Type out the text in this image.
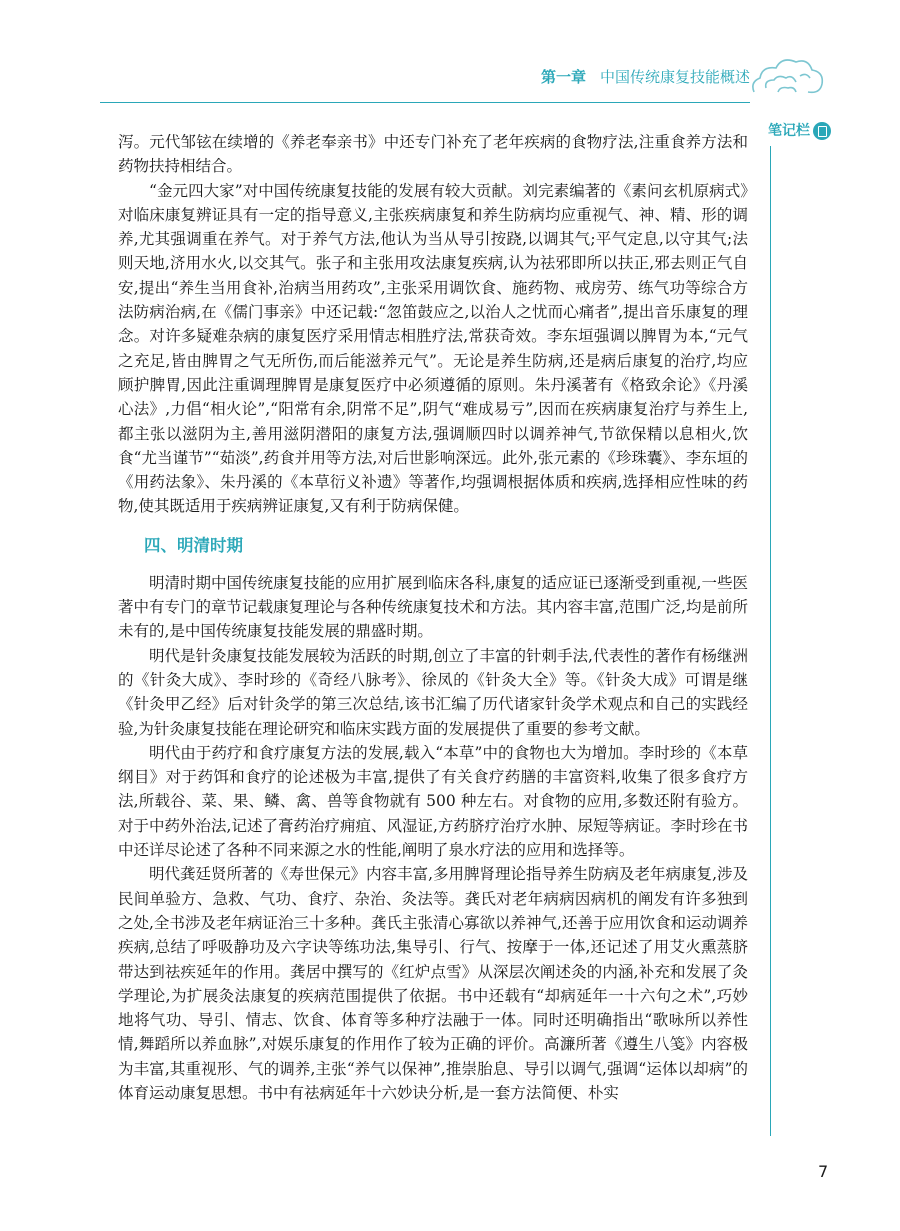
第一章 中国传统康复技能概述
笔记栏

泻。元代邹铉在续增的《养老奉亲书》中还专门补充了老年疾病的食物疗法,注重食养方法和药物扶持相结合。

“金元四大家”对中国传统康复技能的发展有较大贡献。刘完素编著的《素问玄机原病式》对临床康复辨证具有一定的指导意义,主张疾病康复和养生防病均应重视气、神、精、形的调养,尤其强调重在养气。对于养气方法,他认为当从导引按跷,以调其气;平气定息,以守其气;法则天地,济用水火,以交其气。张子和主张用攻法康复疾病,认为祛邪即所以扶正,邪去则正气自安,提出“养生当用食补,治病当用药攻”,主张采用调饮食、施药物、戒房劳、练气功等综合方法防病治病,在《儒门事亲》中还记载:“忽笛鼓应之,以治人之忧而心痛者”,提出音乐康复的理念。对许多疑难杂病的康复医疗采用情志相胜疗法,常获奇效。李东垣强调以脾胃为本,“元气之充足,皆由脾胃之气无所伤,而后能滋养元气”。无论是养生防病,还是病后康复的治疗,均应顾护脾胃,因此注重调理脾胃是康复医疗中必须遵循的原则。朱丹溪著有《格致余论》《丹溪心法》,力倡“相火论”,“阳常有余,阴常不足”,阴气“难成易亏”,因而在疾病康复治疗与养生上,都主张以滋阴为主,善用滋阴潜阳的康复方法,强调顺四时以调养神气,节欲保精以息相火,饮食“尤当谨节”“茹淡”,药食并用等方法,对后世影响深远。此外,张元素的《珍珠囊》、李东垣的《用药法象》、朱丹溪的《本草衍义补遗》等著作,均强调根据体质和疾病,选择相应性味的药物,使其既适用于疾病辨证康复,又有利于防病保健。

四、明清时期

明清时期中国传统康复技能的应用扩展到临床各科,康复的适应证已逐渐受到重视,一些医著中有专门的章节记载康复理论与各种传统康复技术和方法。其内容丰富,范围广泛,均是前所未有的,是中国传统康复技能发展的鼎盛时期。

明代是针灸康复技能发展较为活跃的时期,创立了丰富的针刺手法,代表性的著作有杨继洲的《针灸大成》、李时珍的《奇经八脉考》、徐凤的《针灸大全》等。《针灸大成》可谓是继《针灸甲乙经》后对针灸学的第三次总结,该书汇编了历代诸家针灸学术观点和自己的实践经验,为针灸康复技能在理论研究和临床实践方面的发展提供了重要的参考文献。

明代由于药疗和食疗康复方法的发展,载入“本草”中的食物也大为增加。李时珍的《本草纲目》对于药饵和食疗的论述极为丰富,提供了有关食疗药膳的丰富资料,收集了很多食疗方法,所载谷、菜、果、鳞、禽、兽等食物就有 500 种左右。对食物的应用,多数还附有验方。对于中药外治法,记述了膏药治疗痈疽、风湿证,方药脐疗治疗水肿、尿短等病证。李时珍在书中还详尽论述了各种不同来源之水的性能,阐明了泉水疗法的应用和选择等。

明代龚廷贤所著的《寿世保元》内容丰富,多用脾肾理论指导养生防病及老年病康复,涉及民间单验方、急救、气功、食疗、杂治、灸法等。龚氏对老年病病因病机的阐发有许多独到之处,全书涉及老年病证治三十多种。龚氏主张清心寡欲以养神气,还善于应用饮食和运动调养疾病,总结了呼吸静功及六字诀等练功法,集导引、行气、按摩于一体,还记述了用艾火熏蒸脐带达到祛疾延年的作用。龚居中撰写的《红炉点雪》从深层次阐述灸的内涵,补充和发展了灸学理论,为扩展灸法康复的疾病范围提供了依据。书中还载有“却病延年一十六句之术”,巧妙地将气功、导引、情志、饮食、体育等多种疗法融于一体。同时还明确指出“歌咏所以养性情,舞蹈所以养血脉”,对娱乐康复的作用作了较为正确的评价。高濂所著《遵生八笺》内容极为丰富,其重视形、气的调养,主张“养气以保神”,推崇胎息、导引以调气,强调“运体以却病”的体育运动康复思想。书中有祛病延年十六妙诀分析,是一套方法简便、朴实

7
